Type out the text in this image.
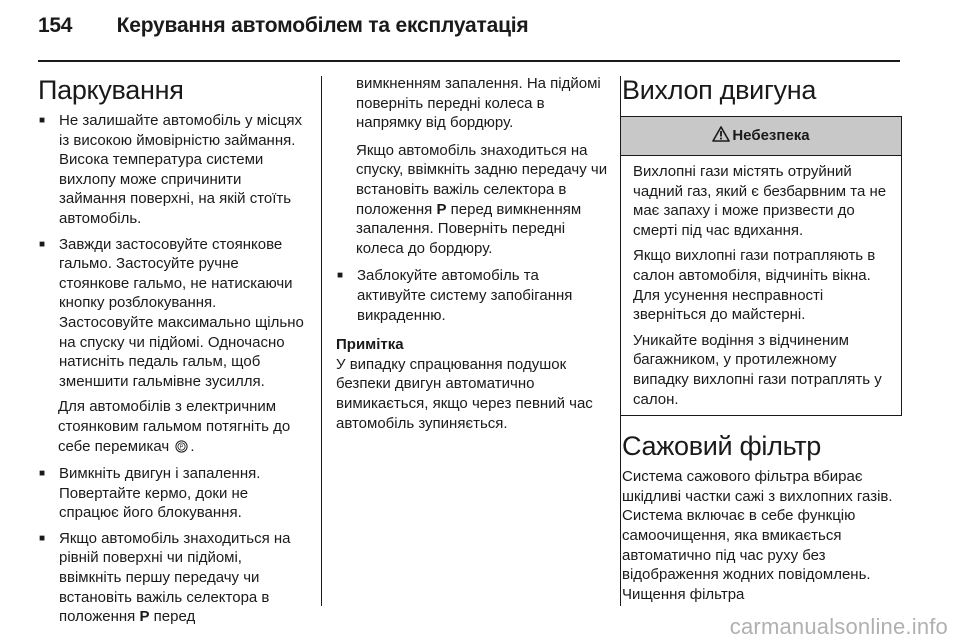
154 Керування автомобілем та експлуатація
Паркування
■ Не залишайте автомобіль у місцях із високою ймовірністю займання. Висока температура системи вихлопу може спричинити займання поверхні, на якій стоїть автомобіль.
■ Завжди застосовуйте стоянкове гальмо. Застосуйте ручне стоянкове гальмо, не натискаючи кнопку розблокування. Застосовуйте максимально щільно на спуску чи підйомі. Одночасно натисніть педаль гальм, щоб зменшити гальмівне зусилля.
Для автомобілів з електричним стоянковим гальмом потягніть до себе перемикач P .
■ Вимкніть двигун і запалення. Повертайте кермо, доки не спрацює його блокування.
■ Якщо автомобіль знаходиться на рівній поверхні чи підйомі, ввімкніть першу передачу чи встановіть важіль селектора в положення P перед
вимкненням запалення. На підйомі поверніть передні колеса в напрямку від бордюру.
Якщо автомобіль знаходиться на спуску, ввімкніть задню передачу чи встановіть важіль селектора в положення P перед вимкненням запалення. Поверніть передні колеса до бордюру.
■ Заблокуйте автомобіль та активуйте систему запобігання викраденню.
Примітка
У випадку спрацювання подушок безпеки двигун автоматично вимикається, якщо через певний час автомобіль зупиняється.
Вихлоп двигуна
Небезпека

Вихлопні гази містять отруйний чадний газ, який є безбарвним та не має запаху і може призвести до смерті під час вдихання.

Якщо вихлопні гази потрапляють в салон автомобіля, відчиніть вікна. Для усунення несправності зверніться до майстерні.

Уникайте водіння з відчиненим багажником, у протилежному випадку вихлопні гази потраплять у салон.

Сажовий фільтр
Система сажового фільтра вбирає шкідливі частки сажі з вихлопних газів. Система включає в себе функцію самоочищення, яка вмикається автоматично під час руху без відображення жодних повідомлень. Чищення фільтра
carmanualsonline.info
